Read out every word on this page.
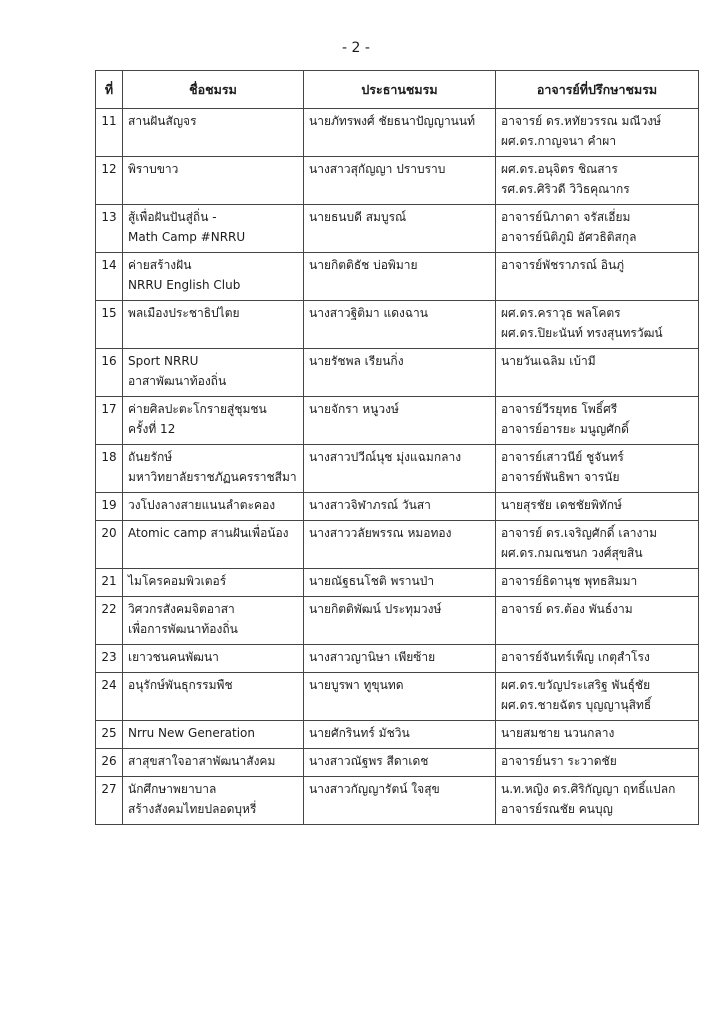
- 2 -
ที่	ชื่อชมรม	ประธานชมรม	อาจารย์ที่ปรึกษาชมรม
11	สานฝันสัญจร	นายภัทรพงศ์ ชัยธนาปัญญานนท์	อาจารย์ ดร.หทัยวรรณ มณีวงษ์
ผศ.ดร.กาญจนา คำผา

12	พิราบขาว	นางสาวสุกัญญา ปราบราบ	ผศ.ดร.อนุจิตร ชิณสาร
รศ.ดร.ศิริวดี วิวิธคุณากร

13	สู้เพื่อฝันปันสู่ถิ่น -
Math Camp #NRRU	นายธนบดี สมบูรณ์	อาจารย์นิภาดา จรัสเอี่ยม
อาจารย์นิติภูมิ อัศวธิติสกุล

14	ค่ายสร้างฝัน
NRRU English Club	นายกิตติธัช บ่อพิมาย	อาจารย์พัชราภรณ์ อินภู่

15	พลเมืองประชาธิปไตย	นางสาวฐิติมา แดงฉาน	ผศ.ดร.คราวุธ พลโคตร
ผศ.ดร.ปิยะนันท์ ทรงสุนทรวัฒน์

16	Sport NRRU
อาสาพัฒนาท้องถิ่น	นายรัชพล เรียนกิ่ง	นายวันเฉลิม เบ้ามี

17	ค่ายศิลปะตะโกรายสู่ชุมชน
ครั้งที่ 12	นายจักรา หนูวงษ์	อาจารย์วีรยุทธ โพธิ์ศรี
อาจารย์อารยะ มนูญศักดิ์

18	ถันยรักษ์
มหาวิทยาลัยราชภัฏนครราชสีมา	นางสาวปวีณ์นุช มุ่งแฉมกลาง	อาจารย์เสาวนีย์ ชูจันทร์
อาจารย์พันธิพา จารนัย

19	วงโปงลางสายแนนลำตะคอง	นางสาวจิฬาภรณ์ วันสา	นายสุรชัย เดชชัยพิทักษ์

20	Atomic camp สานฝันเพื่อน้อง	นางสาววลัยพรรณ หมอทอง	อาจารย์ ดร.เจริญศักดิ์ เลางาม
ผศ.ดร.กมณชนก วงศ์สุขสิน

21	ไมโครคอมพิวเตอร์	นายณัฐธนโชติ พรานป่า	อาจารย์ธิดานุช พุทธสิมมา

22	วิศวกรสังคมจิตอาสา
เพื่อการพัฒนาท้องถิ่น	นายกิตติพัฒน์ ประทุมวงษ์	อาจารย์ ดร.ต้อง พันธ์งาม

23	เยาวชนคนพัฒนา	นางสาวญานิษา เพียซ้าย	อาจารย์จันทร์เพ็ญ เกตุสำโรง

24	อนุรักษ์พันธุกรรมพืช	นายบูรพา ทูขุนทด	ผศ.ดร.ขวัญประเสริฐ พันธุ์ชัย
ผศ.ดร.ชายฉัตร บุญญานุสิทธิ์

25	Nrru New Generation	นายศักรินทร์ มัชวิน	นายสมชาย นวนกลาง

26	สาสุขสาใจอาสาพัฒนาสังคม	นางสาวณัฐพร สีดาเดช	อาจารย์นรา ระวาดชัย

27	นักศึกษาพยาบาล
สร้างสังคมไทยปลอดบุหรี่	นางสาวกัญญารัตน์ ใจสุข	น.ท.หญิง ดร.ศิริกัญญา ฤทธิ์แปลก
อาจารย์รณชัย คนบุญ
